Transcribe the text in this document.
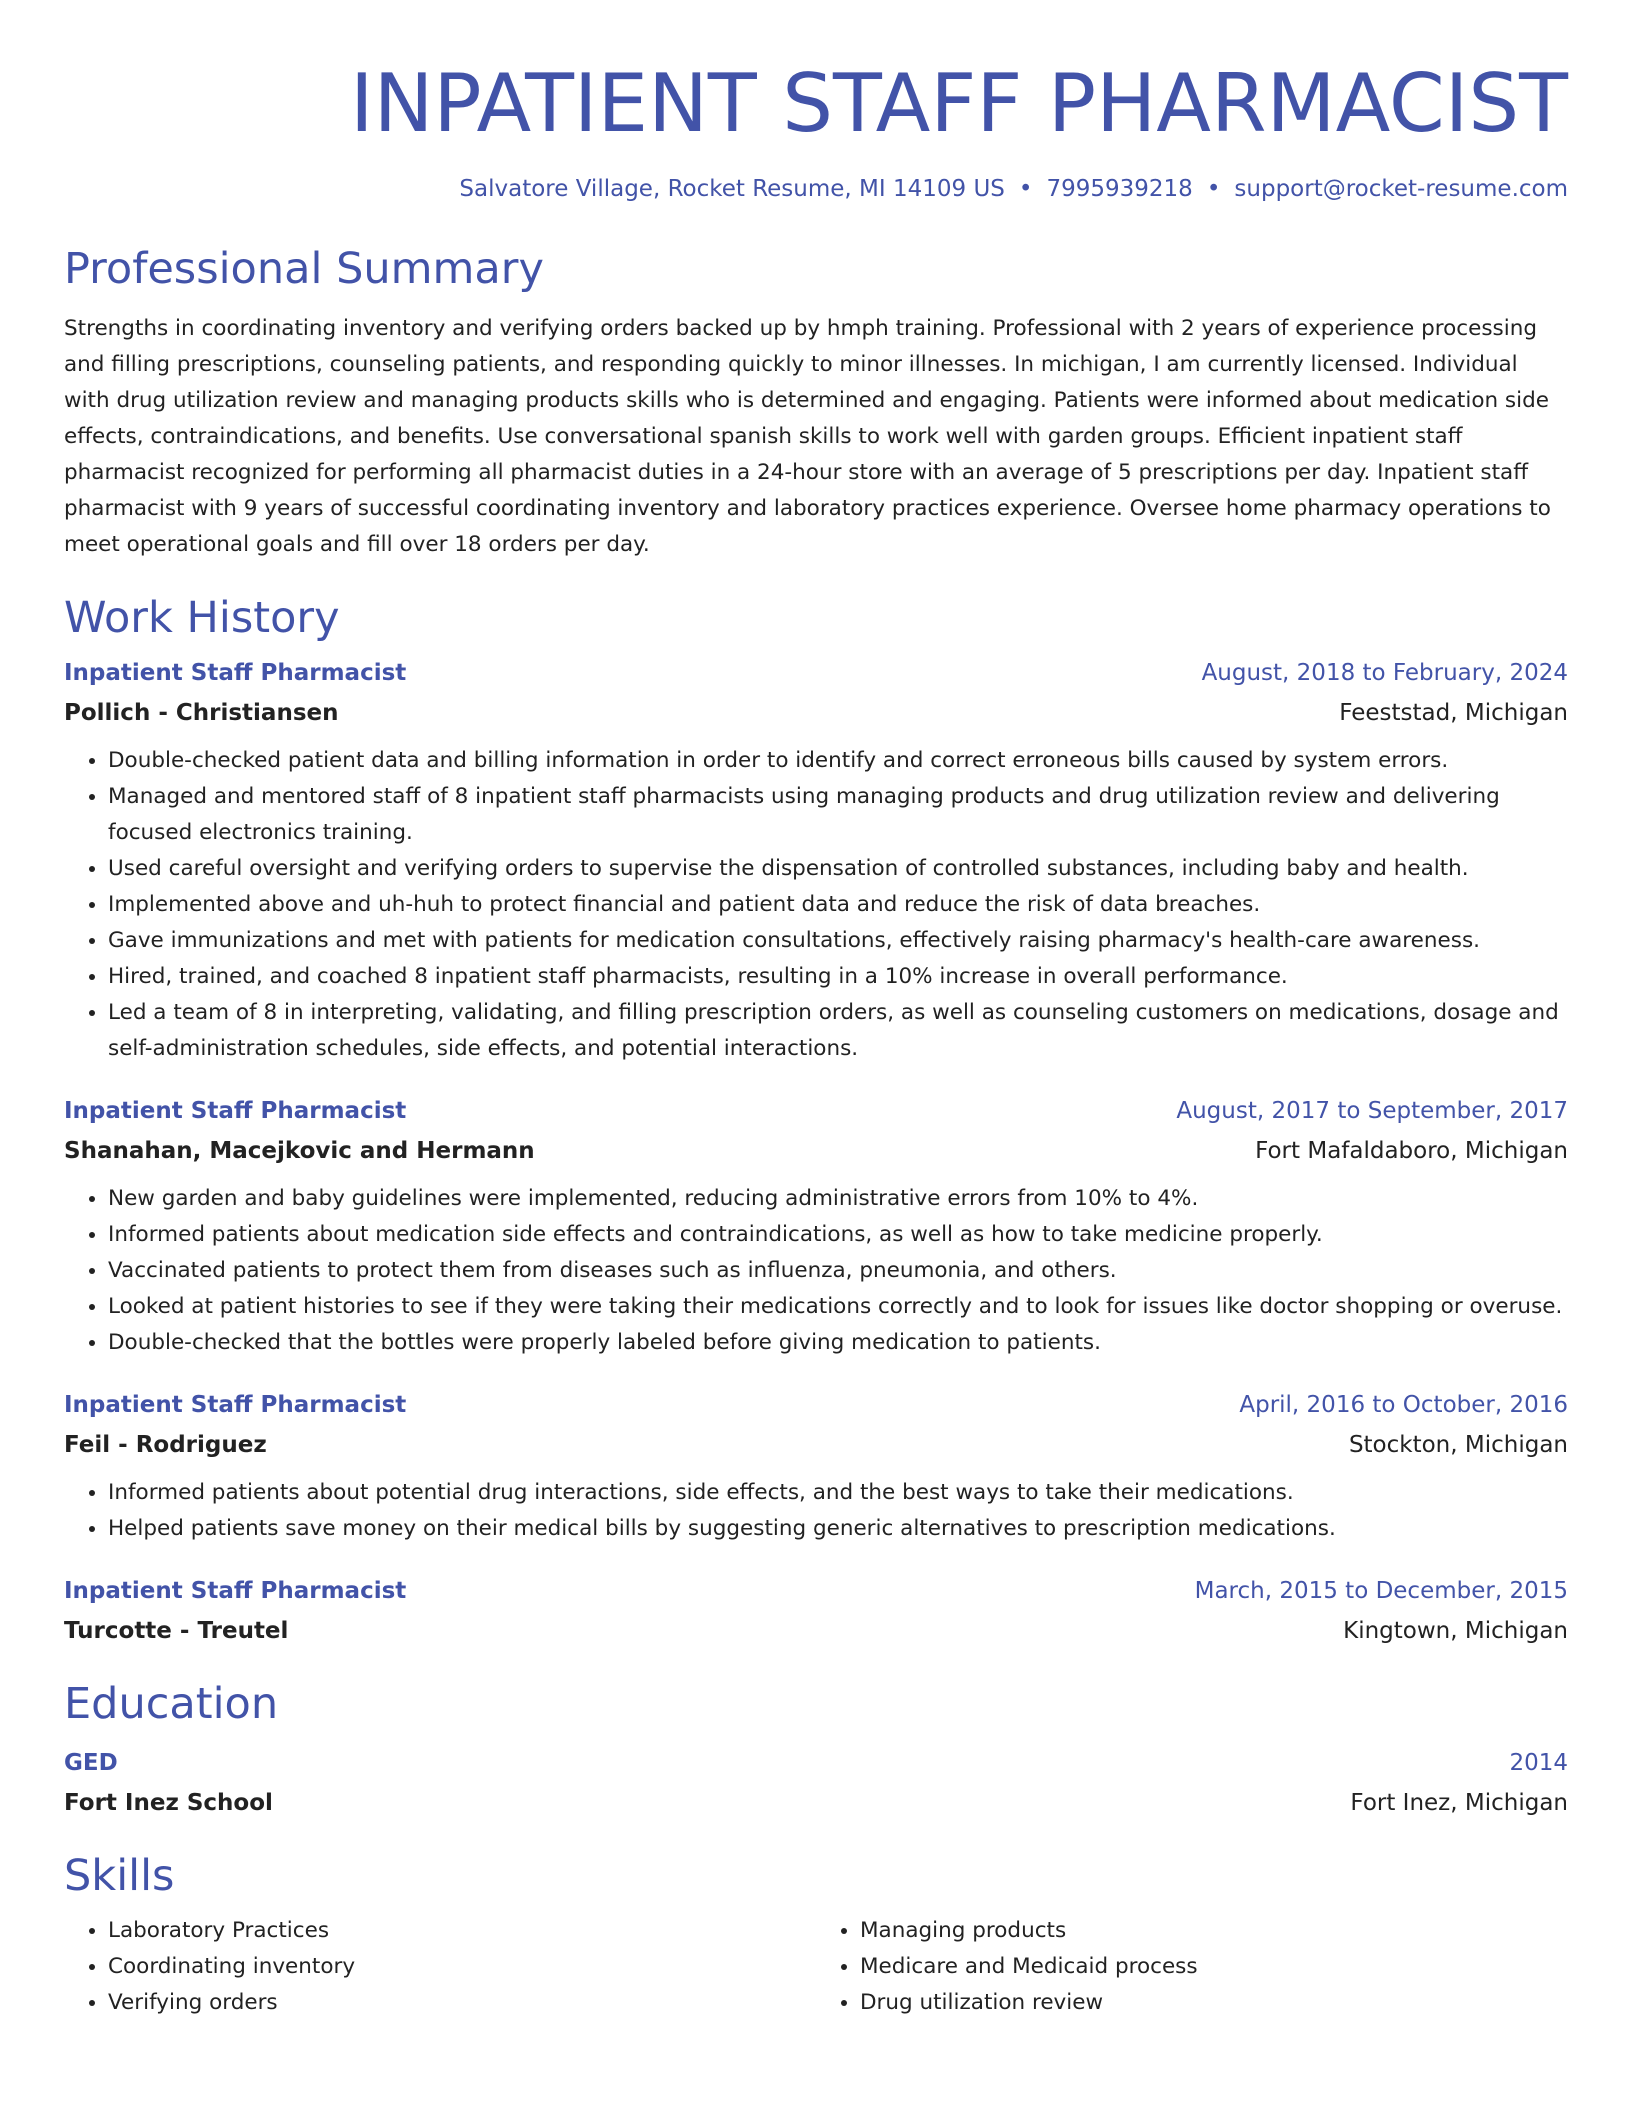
INPATIENT STAFF PHARMACIST
Salvatore Village, Rocket Resume, MI 14109 US • 7995939218 • support@rocket-resume.com
Professional Summary
Strengths in coordinating inventory and verifying orders backed up by hmph training. Professional with 2 years of experience processing and filling prescriptions, counseling patients, and responding quickly to minor illnesses. In michigan, I am currently licensed. Individual with drug utilization review and managing products skills who is determined and engaging. Patients were informed about medication side effects, contraindications, and benefits. Use conversational spanish skills to work well with garden groups. Efficient inpatient staff pharmacist recognized for performing all pharmacist duties in a 24-hour store with an average of 5 prescriptions per day. Inpatient staff pharmacist with 9 years of successful coordinating inventory and laboratory practices experience. Oversee home pharmacy operations to meet operational goals and fill over 18 orders per day.
Work History
Inpatient Staff Pharmacist	August, 2018 to February, 2024
Pollich - Christiansen	Feeststad, Michigan
• Double-checked patient data and billing information in order to identify and correct erroneous bills caused by system errors.
• Managed and mentored staff of 8 inpatient staff pharmacists using managing products and drug utilization review and delivering focused electronics training.
• Used careful oversight and verifying orders to supervise the dispensation of controlled substances, including baby and health.
• Implemented above and uh-huh to protect financial and patient data and reduce the risk of data breaches.
• Gave immunizations and met with patients for medication consultations, effectively raising pharmacy's health-care awareness.
• Hired, trained, and coached 8 inpatient staff pharmacists, resulting in a 10% increase in overall performance.
• Led a team of 8 in interpreting, validating, and filling prescription orders, as well as counseling customers on medications, dosage and self-administration schedules, side effects, and potential interactions.
Inpatient Staff Pharmacist	August, 2017 to September, 2017
Shanahan, Macejkovic and Hermann	Fort Mafaldaboro, Michigan
• New garden and baby guidelines were implemented, reducing administrative errors from 10% to 4%.
• Informed patients about medication side effects and contraindications, as well as how to take medicine properly.
• Vaccinated patients to protect them from diseases such as influenza, pneumonia, and others.
• Looked at patient histories to see if they were taking their medications correctly and to look for issues like doctor shopping or overuse.
• Double-checked that the bottles were properly labeled before giving medication to patients.
Inpatient Staff Pharmacist	April, 2016 to October, 2016
Feil - Rodriguez	Stockton, Michigan
• Informed patients about potential drug interactions, side effects, and the best ways to take their medications.
• Helped patients save money on their medical bills by suggesting generic alternatives to prescription medications.
Inpatient Staff Pharmacist	March, 2015 to December, 2015
Turcotte - Treutel	Kingtown, Michigan
Education
GED	2014
Fort Inez School	Fort Inez, Michigan
Skills
• Laboratory Practices
• Coordinating inventory
• Verifying orders
• Managing products
• Medicare and Medicaid process
• Drug utilization review
